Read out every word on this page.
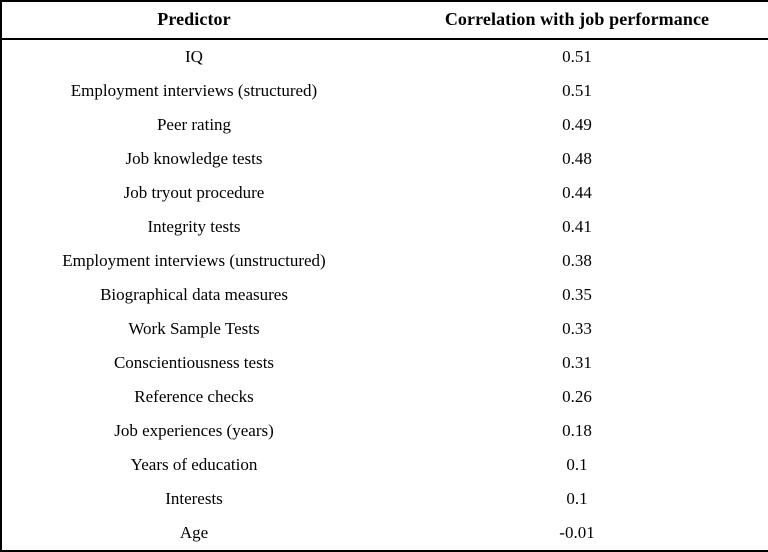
Predictor	Correlation with job performance
IQ	0.51
Employment interviews (structured)	0.51
Peer rating	0.49
Job knowledge tests	0.48
Job tryout procedure	0.44
Integrity tests	0.41
Employment interviews (unstructured)	0.38
Biographical data measures	0.35
Work Sample Tests	0.33
Conscientiousness tests	0.31
Reference checks	0.26
Job experiences (years)	0.18
Years of education	0.1
Interests	0.1
Age	-0.01
